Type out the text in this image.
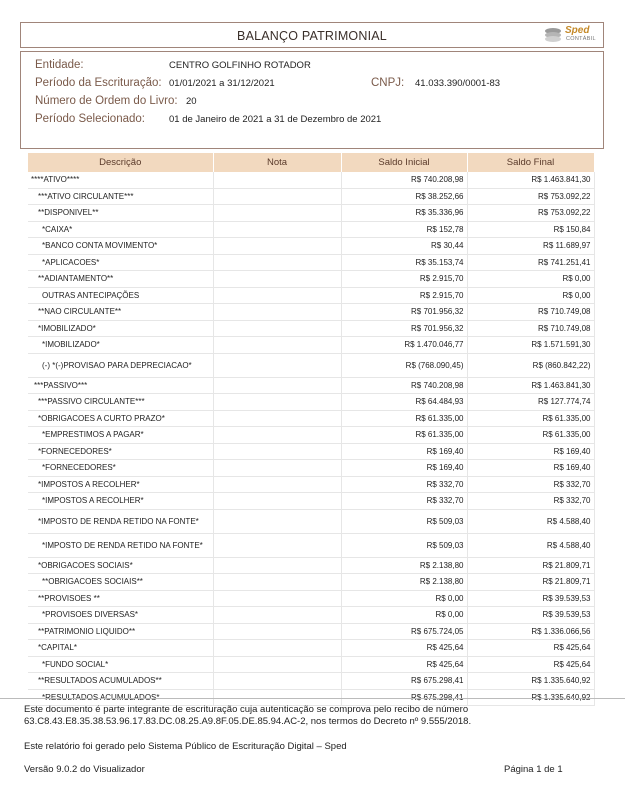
BALANÇO PATRIMONIAL	Sped
CONTÁBIL
Entidade:	CENTRO GOLFINHO ROTADOR
Período da Escrituração: 01/01/2021 a 31/12/2021	CNPJ: 41.033.390/0001-83
Número de Ordem do Livro: 20
Período Selecionado:	01 de Janeiro de 2021 a 31 de Dezembro de 2021
Descrição	Nota	Saldo Inicial	Saldo Final
****ATIVO****		R$ 740.208,98	R$ 1.463.841,30
***ATIVO CIRCULANTE***		R$ 38.252,66	R$ 753.092,22
**DISPONIVEL**		R$ 35.336,96	R$ 753.092,22
*CAIXA*		R$ 152,78	R$ 150,84
*BANCO CONTA MOVIMENTO*		R$ 30,44	R$ 11.689,97
*APLICACOES*		R$ 35.153,74	R$ 741.251,41
**ADIANTAMENTO**		R$ 2.915,70	R$ 0,00
OUTRAS ANTECIPAÇÕES		R$ 2.915,70	R$ 0,00
**NAO CIRCULANTE**		R$ 701.956,32	R$ 710.749,08
*IMOBILIZADO*		R$ 701.956,32	R$ 710.749,08
*IMOBILIZADO*		R$ 1.470.046,77	R$ 1.571.591,30
(-) *(-)PROVISAO PARA DEPRECIACAO*		R$ (768.090,45)	R$ (860.842,22)
***PASSIVO***		R$ 740.208,98	R$ 1.463.841,30
***PASSIVO CIRCULANTE***		R$ 64.484,93	R$ 127.774,74
*OBRIGACOES A CURTO PRAZO*		R$ 61.335,00	R$ 61.335,00
*EMPRESTIMOS A PAGAR*		R$ 61.335,00	R$ 61.335,00
*FORNECEDORES*		R$ 169,40	R$ 169,40
*FORNECEDORES*		R$ 169,40	R$ 169,40
*IMPOSTOS A RECOLHER*		R$ 332,70	R$ 332,70
*IMPOSTOS A RECOLHER*		R$ 332,70	R$ 332,70
*IMPOSTO DE RENDA RETIDO NA FONTE*		R$ 509,03	R$ 4.588,40
*IMPOSTO DE RENDA RETIDO NA FONTE*		R$ 509,03	R$ 4.588,40
*OBRIGACOES SOCIAIS*		R$ 2.138,80	R$ 21.809,71
**OBRIGACOES SOCIAIS**		R$ 2.138,80	R$ 21.809,71
**PROVISOES **		R$ 0,00	R$ 39.539,53
*PROVISOES DIVERSAS*		R$ 0,00	R$ 39.539,53
**PATRIMONIO LIQUIDO**		R$ 675.724,05	R$ 1.336.066,56
*CAPITAL*		R$ 425,64	R$ 425,64
*FUNDO SOCIAL*		R$ 425,64	R$ 425,64
**RESULTADOS ACUMULADOS**		R$ 675.298,41	R$ 1.335.640,92
*RESULTADOS ACUMULADOS*		R$ 675.298,41	R$ 1.335.640,92
Este documento é parte integrante de escrituração cuja autenticação se comprova pelo recibo de número
63.C8.43.E8.35.38.53.96.17.83.DC.08.25.A9.8F.05.DE.85.94.AC-2, nos termos do Decreto nº 9.555/2018.
Este relatório foi gerado pelo Sistema Público de Escrituração Digital – Sped
Versão 9.0.2 do Visualizador	Página 1 de 1
